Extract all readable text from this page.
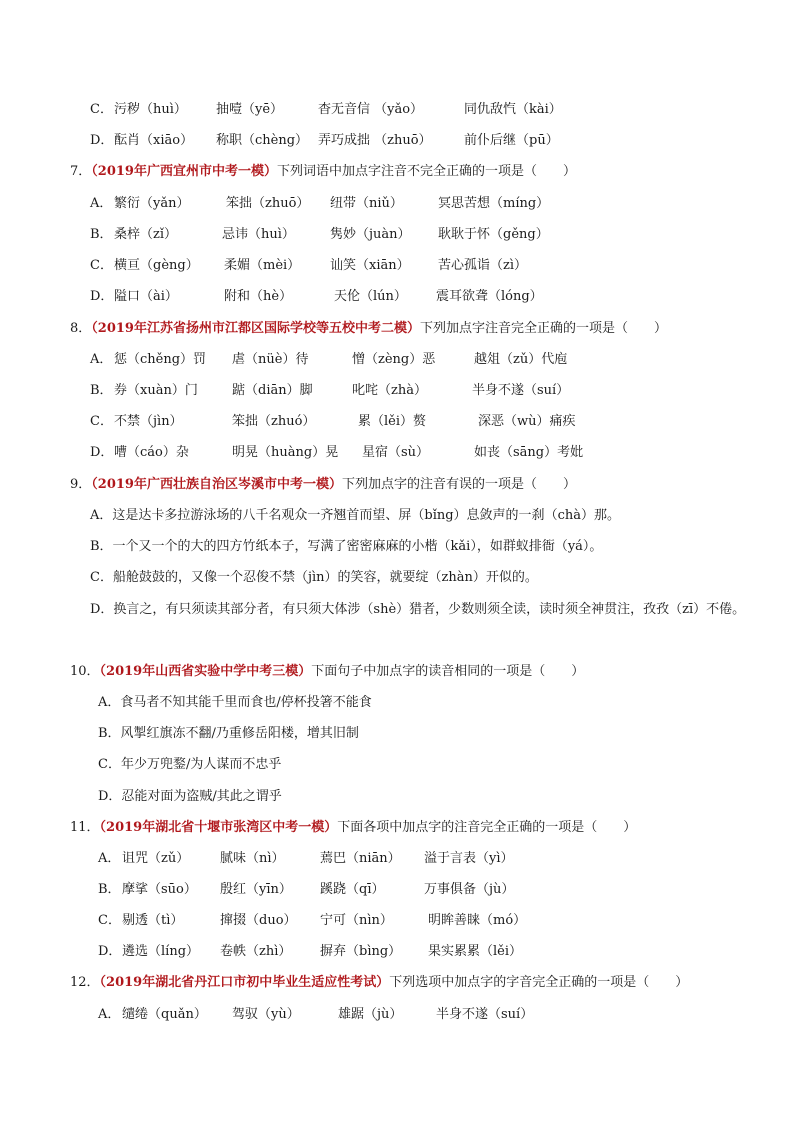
C． 污秽（huì） 抽噎（yē）	杳无音信 （yǎo）	同仇敌忾（kài）
D． 酝肖（xiāo） 称职（chèng） 弄巧成拙 （zhuō） 前仆后继（pū）
7．（2019年广西宜州市中考一模）下列词语中加点字注音不完全正确的一项是（　　）
A． 繁衍（yǎn）	笨拙（zhuō） 纽带（niǔ）	冥思苦想（míng）
B． 桑梓（zǐ）	忌讳（huì）	隽妙（juàn） 耿耿于怀（gěng）
C． 横亘（gèng） 柔媚（mèi） 讪笑（xiān） 苦心孤诣（zì）
D． 隘口（ài）	附和（hè）	天伦（lún） 震耳欲聋（lóng）
8．（2019年江苏省扬州市江都区国际学校等五校中考二模）下列加点字注音完全正确的一项是（　　）
A． 惩（chěng）罚 虐（nüè）待	憎（zèng）恶	越俎（zǔ）代庖
B． 券（xuàn）门	踮（diān）脚	叱咤（zhà）	半身不遂（suí）
C． 不禁（jìn）	笨拙（zhuó）	累（lěi）赘	深恶（wù）痛疾
D． 嘈（cáo）杂	明晃（huàng）晃 星宿（sù）	如丧（sāng）考妣
9．（2019年广西壮族自治区岑溪市中考一模）下列加点字的注音有误的一项是（　　）
A．这是达卡多拉游泳场的八千名观众一齐翘首而望、屏（bǐng）息敛声的一刹（chà）那。
B．一个又一个的大的四方竹纸本子，写满了密密麻麻的小楷（kǎi），如群蚁排衙（yá）。
C．船舱鼓鼓的，又像一个忍俊不禁（jìn）的笑容，就要绽（zhàn）开似的。
D．换言之，有只须读其部分者，有只须大体涉（shè）猎者，少数则须全读，读时须全神贯注，孜孜（zī）不倦。
10．（2019年山西省实验中学中考三模）下面句子中加点字的读音相同的一项是（　　）
A．食马者不知其能千里而食也/停杯投箸不能食
B．风掣红旗冻不翻/乃重修岳阳楼，增其旧制
C．年少万兜鍪/为人谋而不忠乎
D．忍能对面为盗贼/其此之谓乎
11．（2019年湖北省十堰市张湾区中考一模）下面各项中加点字的注音完全正确的一项是（　　）
A． 诅咒（zǔ） 腻味（nì）	蔫巴（niān） 溢于言表（yì）
B． 摩挲（sūo） 殷红（yīn） 蹊跷（qī）	万事俱备（jù）
C． 剔透（tì）	撺掇（duo） 宁可（nìn）	明眸善睐（mó）
D． 遴选（líng） 卷帙（zhì） 摒弃（bìng） 果实累累（lěi）
12．（2019年湖北省丹江口市初中毕业生适应性考试）下列选项中加点字的字音完全正确的一项是（　　）
A． 缱绻（quǎn） 驾驭（yù）	雄踞（jù）	半身不遂（suí）
